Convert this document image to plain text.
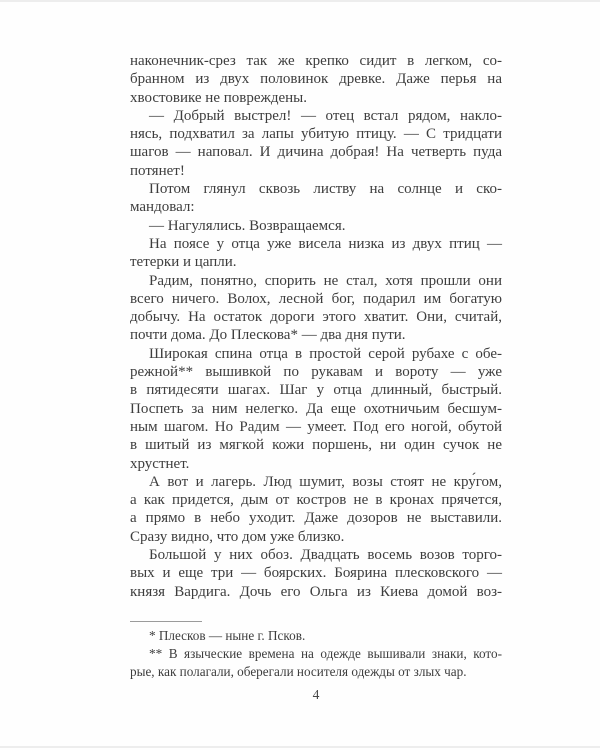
наконечник-срез так же крепко сидит в легком, со-
бранном из двух половинок древке. Даже перья на
хвостовике не повреждены.
— Добрый выстрел! — отец встал рядом, накло-
нясь, подхватил за лапы убитую птицу. — С тридцати
шагов — наповал. И дичина добрая! На четверть пуда
потянет!
Потом глянул сквозь листву на солнце и ско-
мандовал:
— Нагулялись. Возвращаемся.
На поясе у отца уже висела низка из двух птиц —
тетерки и цапли.
Радим, понятно, спорить не стал, хотя прошли они
всего ничего. Волох, лесной бог, подарил им богатую
добычу. На остаток дороги этого хватит. Они, считай,
почти дома. До Плескова* — два дня пути.
Широкая спина отца в простой серой рубахе с обе-
режной** вышивкой по рукавам и вороту — уже
в пятидесяти шагах. Шаг у отца длинный, быстрый.
Поспеть за ним нелегко. Да еще охотничьим бесшум-
ным шагом. Но Радим — умеет. Под его ногой, обутой
в шитый из мягкой кожи поршень, ни один сучок не
хрустнет.
А вот и лагерь. Люд шумит, возы стоят не кру́гом,
а как придется, дым от костров не в кронах прячется,
а прямо в небо уходит. Даже дозоров не выставили.
Сразу видно, что дом уже близко.
Большой у них обоз. Двадцать восемь возов торго-
вых и еще три — боярских. Боярина плесковского —
князя Вардига. Дочь его Ольга из Киева домой воз-
* Плесков — ныне г. Псков.
** В языческие времена на одежде вышивали знаки, кото-
рые, как полагали, оберегали носителя одежды от злых чар.
4
